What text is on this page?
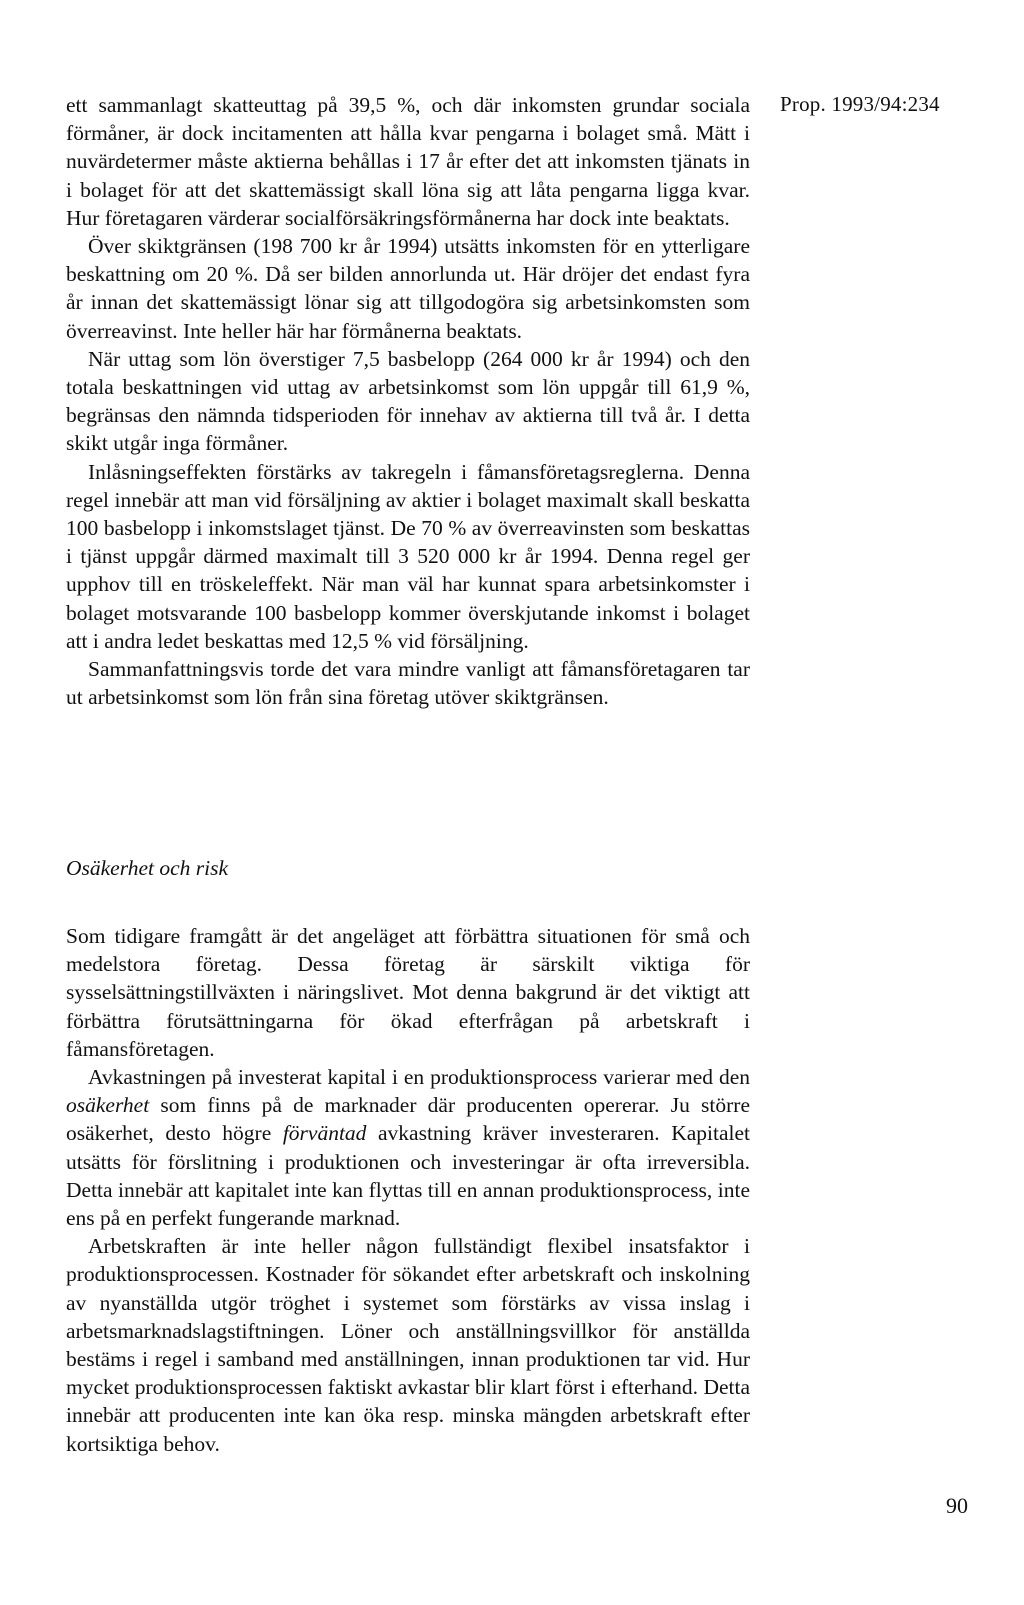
Prop. 1993/94:234

ett sammanlagt skatteuttag på 39,5 %, och där inkomsten grundar sociala förmåner, är dock incitamenten att hålla kvar pengarna i bolaget små. Mätt i nuvärdetermer måste aktierna behållas i 17 år efter det att inkomsten tjänats in i bolaget för att det skattemässigt skall löna sig att låta pengarna ligga kvar. Hur företagaren värderar socialförsäkringsförmånerna har dock inte beaktats.

Över skiktgränsen (198 700 kr år 1994) utsätts inkomsten för en ytterligare beskattning om 20 %. Då ser bilden annorlunda ut. Här dröjer det endast fyra år innan det skattemässigt lönar sig att tillgodogöra sig arbetsinkomsten som överreavinst. Inte heller här har förmånerna beaktats.

När uttag som lön överstiger 7,5 basbelopp (264 000 kr år 1994) och den totala beskattningen vid uttag av arbetsinkomst som lön uppgår till 61,9 %, begränsas den nämnda tidsperioden för innehav av aktierna till två år. I detta skikt utgår inga förmåner.

Inlåsningseffekten förstärks av takregeln i fåmansföretagsreglerna. Denna regel innebär att man vid försäljning av aktier i bolaget maximalt skall beskatta 100 basbelopp i inkomstslaget tjänst. De 70 % av överreavinsten som beskattas i tjänst uppgår därmed maximalt till 3 520 000 kr år 1994. Denna regel ger upphov till en tröskeleffekt. När man väl har kunnat spara arbetsinkomster i bolaget motsvarande 100 basbelopp kommer överskjutande inkomst i bolaget att i andra ledet beskattas med 12,5 % vid försäljning.

Sammanfattningsvis torde det vara mindre vanligt att fåmansföretagaren tar ut arbetsinkomst som lön från sina företag utöver skiktgränsen.

Osäkerhet och risk

Som tidigare framgått är det angeläget att förbättra situationen för små och medelstora företag. Dessa företag är särskilt viktiga för sysselsättningstillväxten i näringslivet. Mot denna bakgrund är det viktigt att förbättra förutsättningarna för ökad efterfrågan på arbetskraft i fåmansföretagen.

Avkastningen på investerat kapital i en produktionsprocess varierar med den osäkerhet som finns på de marknader där producenten opererar. Ju större osäkerhet, desto högre förväntad avkastning kräver investeraren. Kapitalet utsätts för förslitning i produktionen och investeringar är ofta irreversibla. Detta innebär att kapitalet inte kan flyttas till en annan produktionsprocess, inte ens på en perfekt fungerande marknad.

Arbetskraften är inte heller någon fullständigt flexibel insatsfaktor i produktionsprocessen. Kostnader för sökandet efter arbetskraft och inskolning av nyanställda utgör tröghet i systemet som förstärks av vissa inslag i arbetsmarknadslagstiftningen. Löner och anställningsvillkor för anställda bestäms i regel i samband med anställningen, innan produktionen tar vid. Hur mycket produktionsprocessen faktiskt avkastar blir klart först i efterhand. Detta innebär att producenten inte kan öka resp. minska mängden arbetskraft efter kortsiktiga behov.

90
